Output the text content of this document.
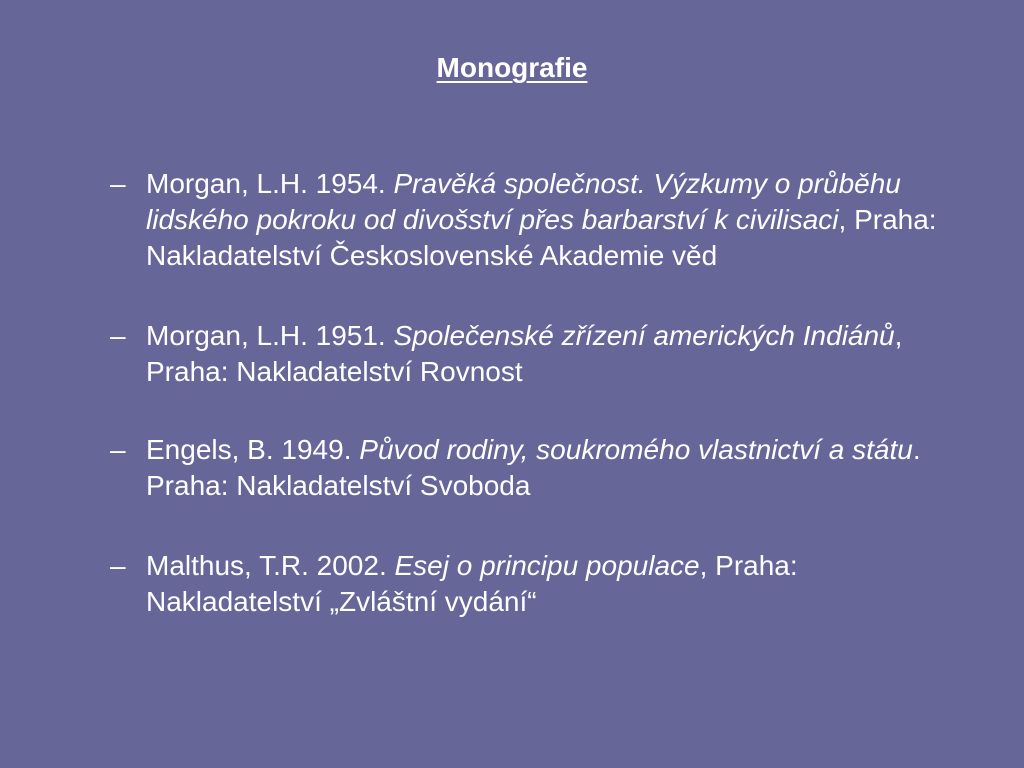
Monografie
– Morgan, L.H. 1954. Pravěká společnost. Výzkumy o průběhu lidského pokroku od divošství přes barbarství k civilisaci, Praha: Nakladatelství Československé Akademie věd
– Morgan, L.H. 1951. Společenské zřízení amerických Indiánů, Praha: Nakladatelství Rovnost
– Engels, B. 1949. Původ rodiny, soukromého vlastnictví a státu. Praha: Nakladatelství Svoboda
– Malthus, T.R. 2002. Esej o principu populace, Praha: Nakladatelství „Zvláštní vydání“
